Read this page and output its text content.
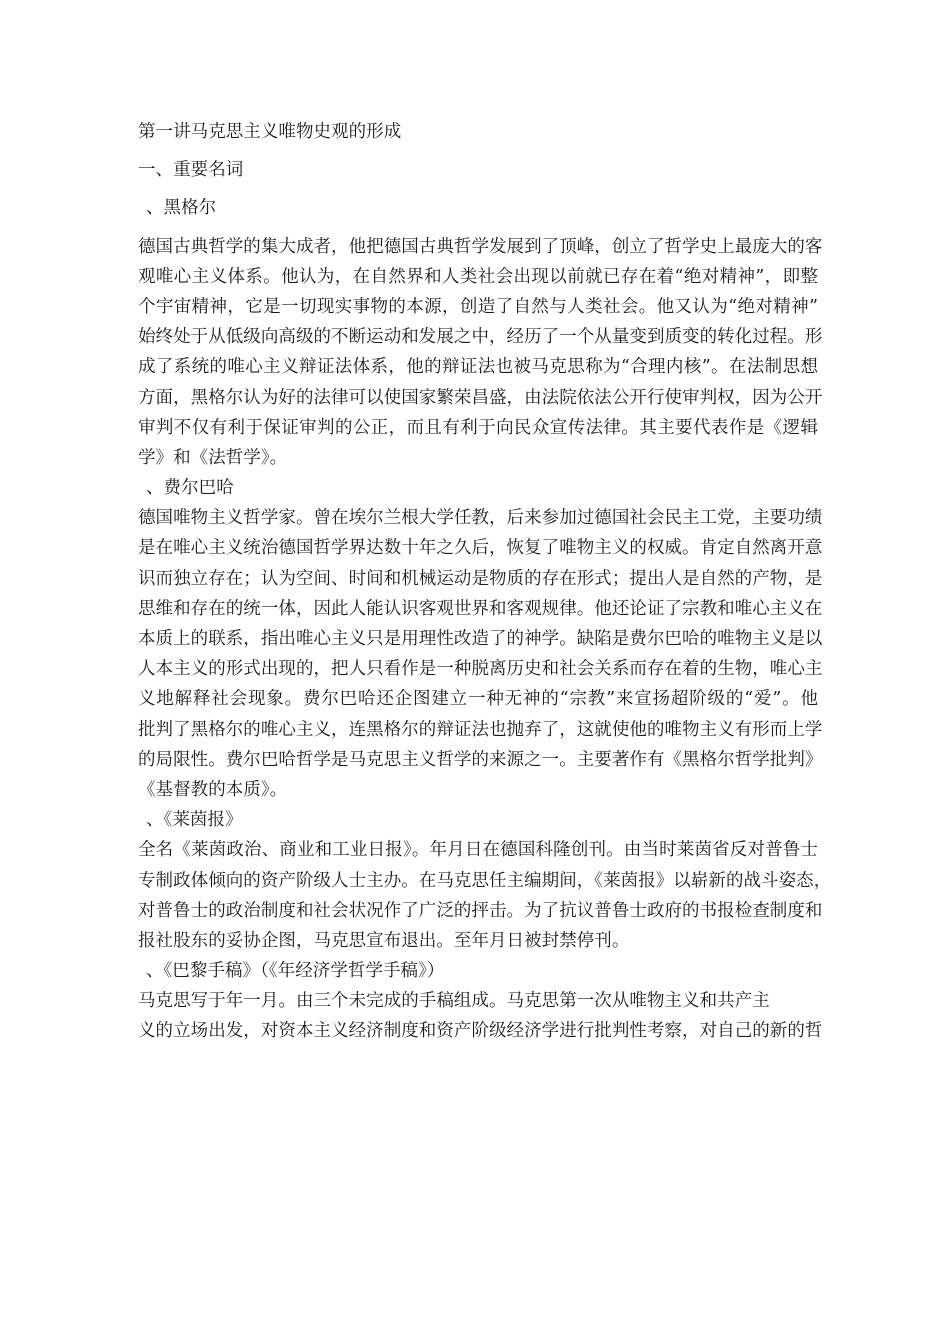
第一讲马克思主义唯物史观的形成
一、重要名词
、黑格尔
德国古典哲学的集大成者，他把德国古典哲学发展到了顶峰，创立了哲学史上最庞大的客
观唯心主义体系。他认为，在自然界和人类社会出现以前就已存在着“绝对精神”，即整
个宇宙精神，它是一切现实事物的本源，创造了自然与人类社会。他又认为“绝对精神”
始终处于从低级向高级的不断运动和发展之中，经历了一个从量变到质变的转化过程。形
成了系统的唯心主义辩证法体系，他的辩证法也被马克思称为“合理内核”。在法制思想
方面，黑格尔认为好的法律可以使国家繁荣昌盛，由法院依法公开行使审判权，因为公开
审判不仅有利于保证审判的公正，而且有利于向民众宣传法律。其主要代表作是《逻辑
学》和《法哲学》。
、费尔巴哈
德国唯物主义哲学家。曾在埃尔兰根大学任教，后来参加过德国社会民主工党，主要功绩
是在唯心主义统治德国哲学界达数十年之久后，恢复了唯物主义的权威。肯定自然离开意
识而独立存在；认为空间、时间和机械运动是物质的存在形式；提出人是自然的产物，是
思维和存在的统一体，因此人能认识客观世界和客观规律。他还论证了宗教和唯心主义在
本质上的联系，指出唯心主义只是用理性改造了的神学。缺陷是费尔巴哈的唯物主义是以
人本主义的形式出现的，把人只看作是一种脱离历史和社会关系而存在着的生物，唯心主
义地解释社会现象。费尔巴哈还企图建立一种无神的“宗教”来宣扬超阶级的“爱”。他
批判了黑格尔的唯心主义，连黑格尔的辩证法也抛弃了，这就使他的唯物主义有形而上学
的局限性。费尔巴哈哲学是马克思主义哲学的来源之一。主要著作有《黑格尔哲学批判》
《基督教的本质》。
、《莱茵报》
全名《莱茵政治、商业和工业日报》。年月日在德国科隆创刊。由当时莱茵省反对普鲁士
专制政体倾向的资产阶级人士主办。在马克思任主编期间，《莱茵报》以崭新的战斗姿态，
对普鲁士的政治制度和社会状况作了广泛的抨击。为了抗议普鲁士政府的书报检查制度和
报社股东的妥协企图，马克思宣布退出。至年月日被封禁停刊。
、《巴黎手稿》（《年经济学哲学手稿》）
马克思写于年一月。由三个未完成的手稿组成。马克思第一次从唯物主义和共产主
义的立场出发，对资本主义经济制度和资产阶级经济学进行批判性考察，对自己的新的哲
